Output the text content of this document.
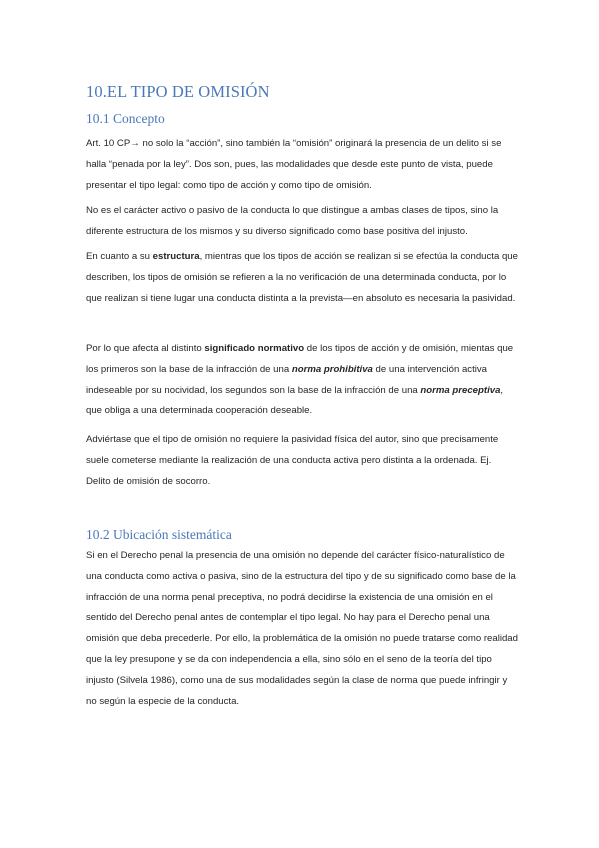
10.EL TIPO DE OMISIÓN
10.1 Concepto

Art. 10 CP→ no solo la “acción”, sino también la “omisión” originará la presencia de un delito si se halla “penada por la ley”. Dos son, pues, las modalidades que desde este punto de vista, puede presentar el tipo legal: como tipo de acción y como tipo de omisión.

No es el carácter activo o pasivo de la conducta lo que distingue a ambas clases de tipos, sino la diferente estructura de los mismos y su diverso significado como base positiva del injusto.

En cuanto a su estructura, mientras que los tipos de acción se realizan si se efectúa la conducta que describen, los tipos de omisión se refieren a la no verificación de una determinada conducta, por lo que realizan si tiene lugar una conducta distinta a la prevista—en absoluto es necesaria la pasividad.

Por lo que afecta al distinto significado normativo de los tipos de acción y de omisión, mientas que los primeros son la base de la infracción de una norma prohibitiva de una intervención activa indeseable por su nocividad, los segundos son la base de la infracción de una norma preceptiva, que obliga a una determinada cooperación deseable.

Adviértase que el tipo de omisión no requiere la pasividad física del autor, sino que precisamente suele cometerse mediante la realización de una conducta activa pero distinta a la ordenada. Ej. Delito de omisión de socorro.

10.2 Ubicación sistemática

Si en el Derecho penal la presencia de una omisión no depende del carácter físico-naturalístico de una conducta como activa o pasiva, sino de la estructura del tipo y de su significado como base de la infracción de una norma penal preceptiva, no podrá decidirse la existencia de una omisión en el sentido del Derecho penal antes de contemplar el tipo legal. No hay para el Derecho penal una omisión que deba precederle. Por ello, la problemática de la omisión no puede tratarse como realidad que la ley presupone y se da con independencia a ella, sino sólo en el seno de la teoría del tipo injusto (Silvela 1986), como una de sus modalidades según la clase de norma que puede infringir y no según la especie de la conducta.
